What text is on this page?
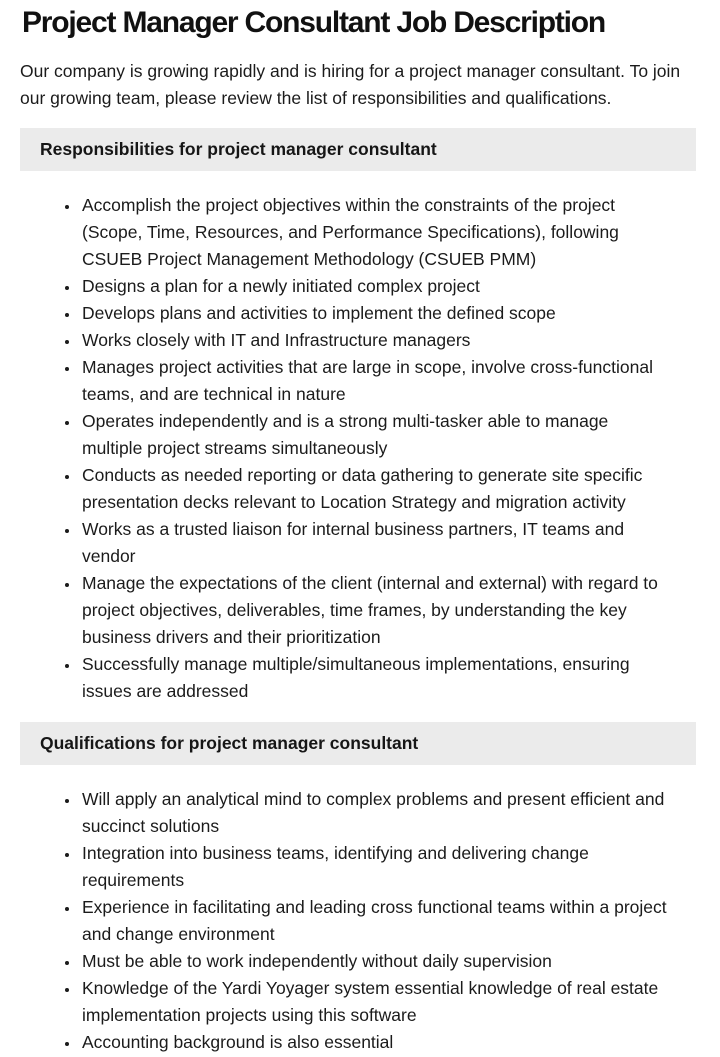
Project Manager Consultant Job Description

Our company is growing rapidly and is hiring for a project manager consultant. To join our growing team, please review the list of responsibilities and qualifications.

Responsibilities for project manager consultant
• Accomplish the project objectives within the constraints of the project (Scope, Time, Resources, and Performance Specifications), following CSUEB Project Management Methodology (CSUEB PMM)
• Designs a plan for a newly initiated complex project
• Develops plans and activities to implement the defined scope
• Works closely with IT and Infrastructure managers
• Manages project activities that are large in scope, involve cross-functional teams, and are technical in nature
• Operates independently and is a strong multi-tasker able to manage multiple project streams simultaneously
• Conducts as needed reporting or data gathering to generate site specific presentation decks relevant to Location Strategy and migration activity
• Works as a trusted liaison for internal business partners, IT teams and vendor
• Manage the expectations of the client (internal and external) with regard to project objectives, deliverables, time frames, by understanding the key business drivers and their prioritization
• Successfully manage multiple/simultaneous implementations, ensuring issues are addressed
Qualifications for project manager consultant
• Will apply an analytical mind to complex problems and present efficient and succinct solutions
• Integration into business teams, identifying and delivering change requirements
• Experience in facilitating and leading cross functional teams within a project and change environment
• Must be able to work independently without daily supervision
• Knowledge of the Yardi Yoyager system essential knowledge of real estate implementation projects using this software
• Accounting background is also essential
